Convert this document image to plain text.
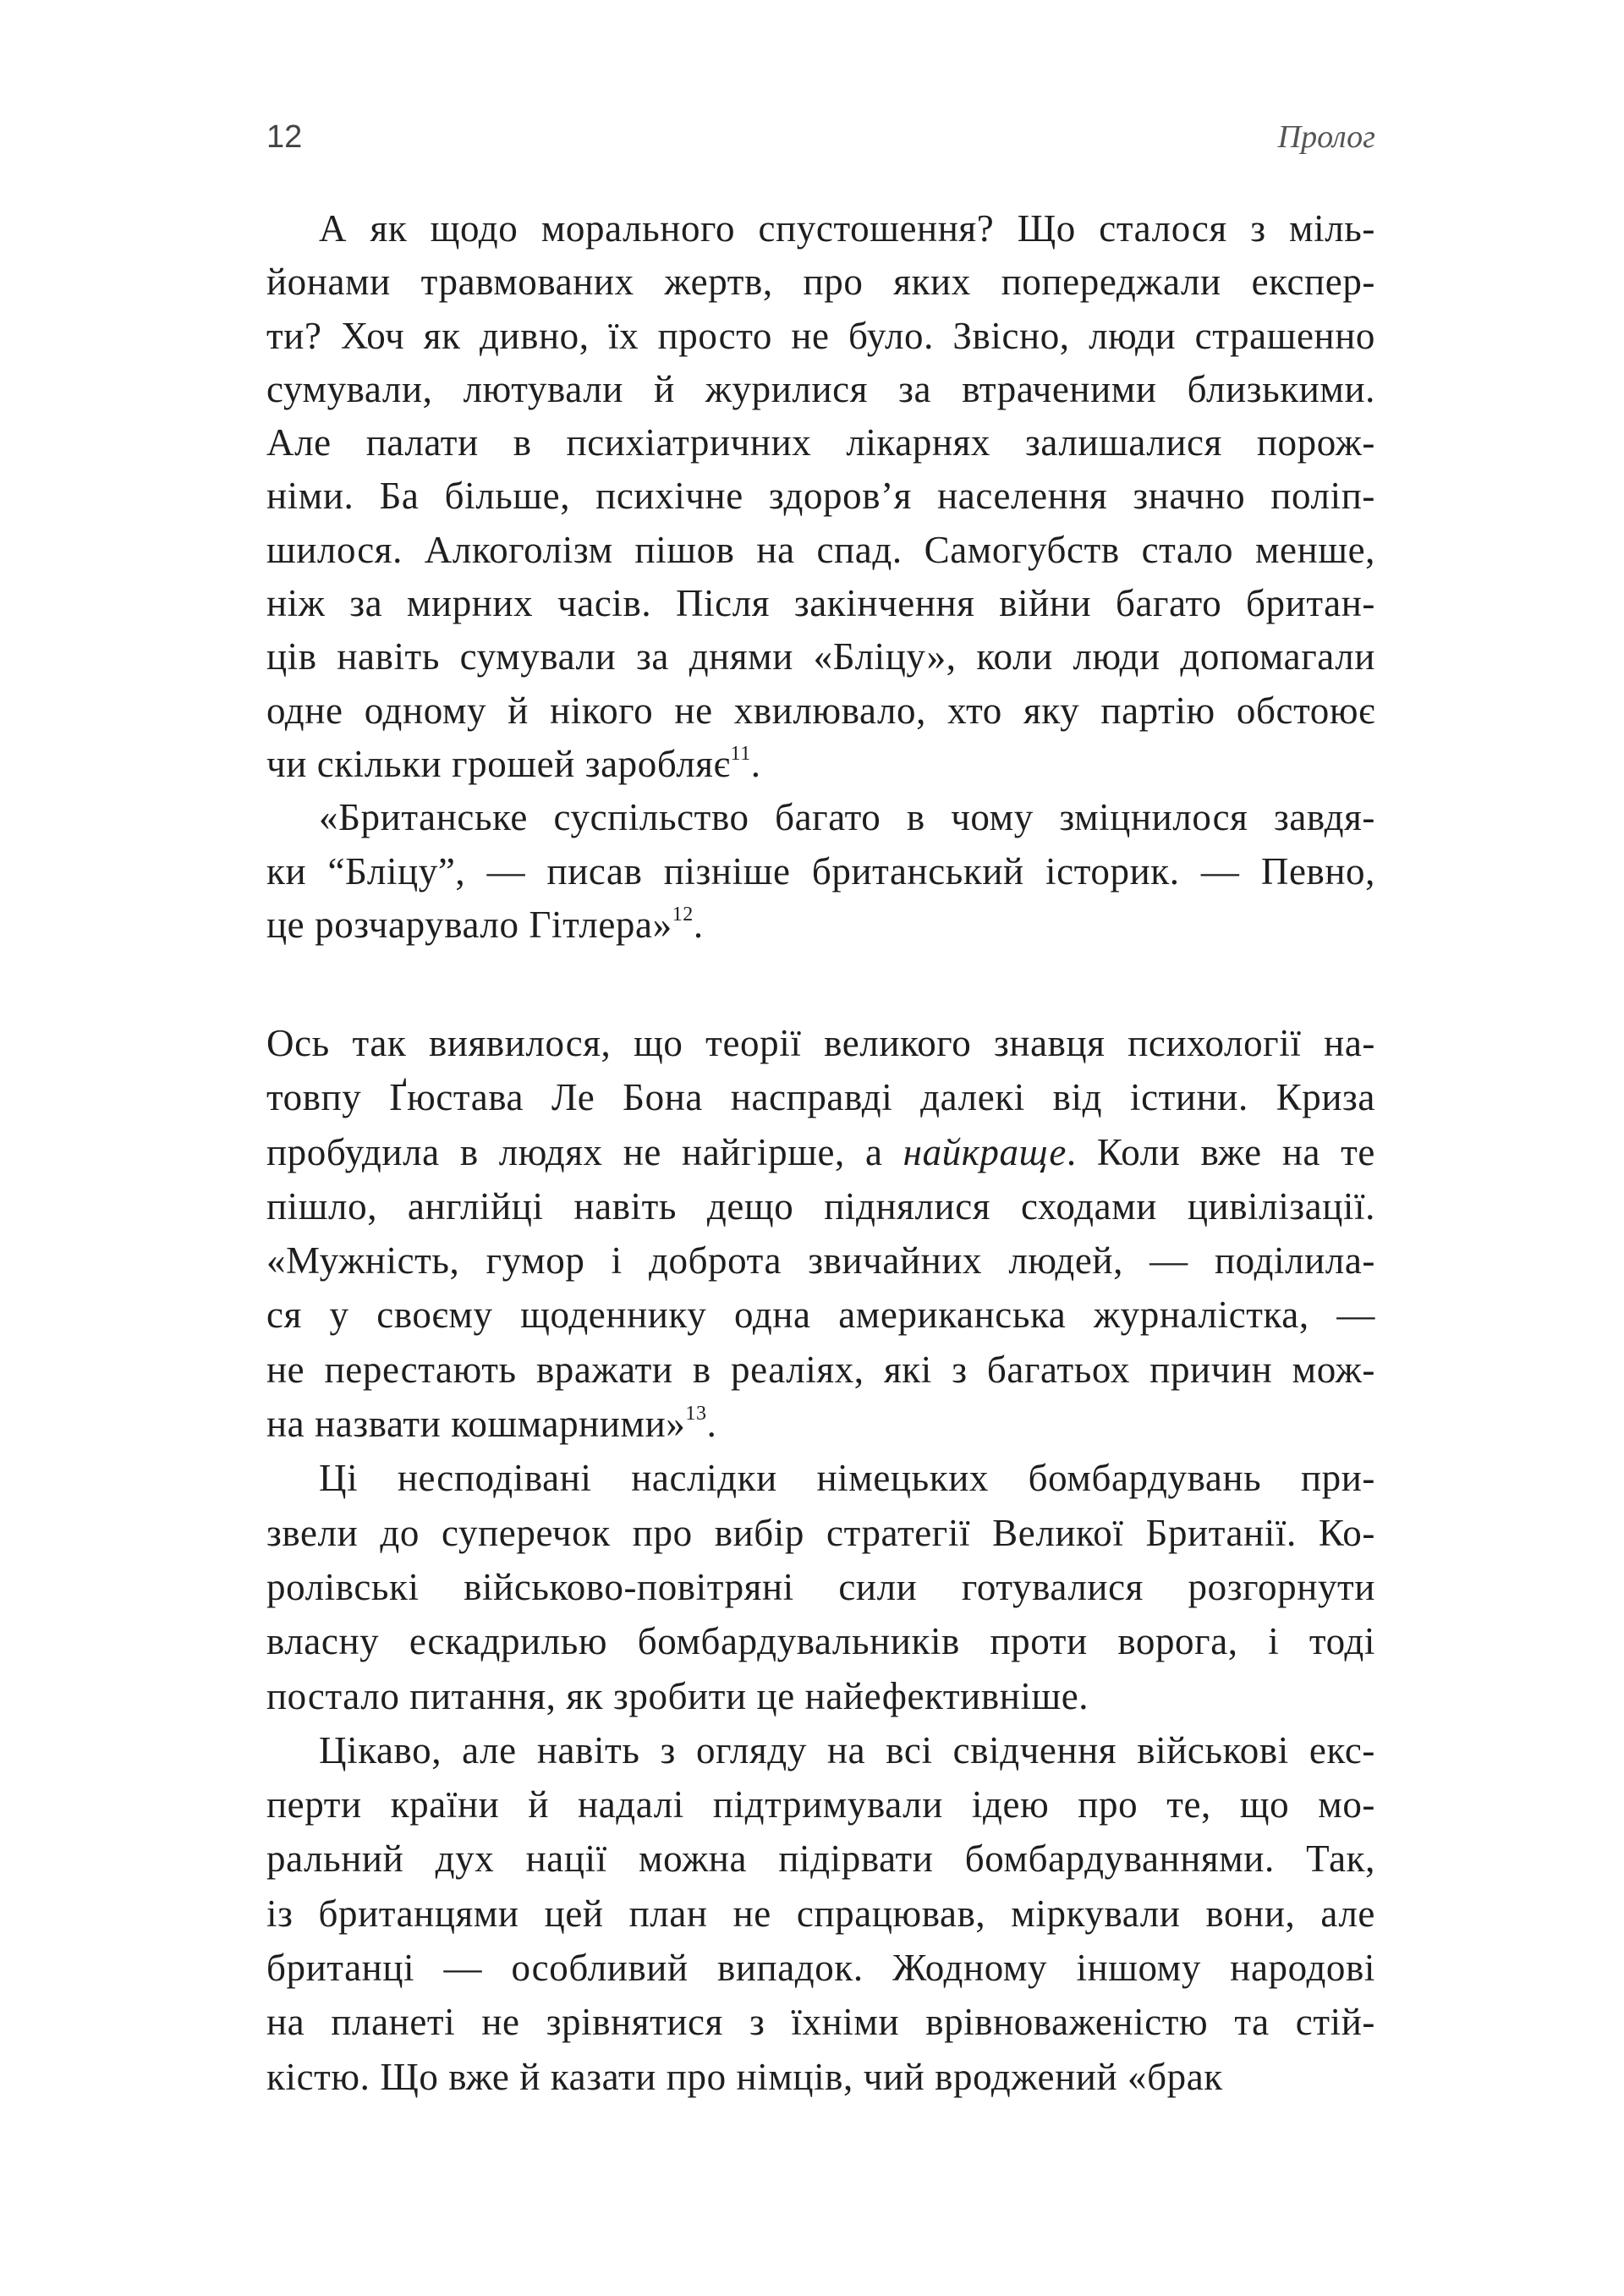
12	Пролог
А як щодо морального спустошення? Що сталося з міль-
йонами травмованих жертв, про яких попереджали експер-
ти? Хоч як дивно, їх просто не було. Звісно, люди страшенно
сумували, лютували й журилися за втраченими близькими.
Але палати в психіатричних лікарнях залишалися порож-
німи. Ба більше, психічне здоров’я населення значно поліп-
шилося. Алкоголізм пішов на спад. Самогубств стало менше,
ніж за мирних часів. Після закінчення війни багато британ-
ців навіть сумували за днями «Бліцу», коли люди допомагали
одне одному й нікого не хвилювало, хто яку партію обстоює
чи скільки грошей заробляє$^{11}$.
«Британське суспільство багато в чому зміцнилося завдя-
ки “Бліцу”, — писав пізніше британський історик. — Певно,
це розчарувало Гітлера»$^{12}$.
Ось так виявилося, що теорії великого знавця психології на-
товпу Ґюстава Ле Бона насправді далекі від істини. Криза
пробудила в людях не найгірше, а найкраще. Коли вже на те
пішло, англійці навіть дещо піднялися сходами цивілізації.
«Мужність, гумор і доброта звичайних людей, — поділила-
ся у своєму щоденнику одна американська журналістка, —
не перестають вражати в реаліях, які з багатьох причин мож-
на назвати кошмарними»$^{13}$.
Ці несподівані наслідки німецьких бомбардувань при-
звели до суперечок про вибір стратегії Великої Британії. Ко-
ролівські військово-повітряні сили готувалися розгорнути
власну ескадрилью бомбардувальників проти ворога, і тоді
постало питання, як зробити це найефективніше.
Цікаво, але навіть з огляду на всі свідчення військові екс-
перти країни й надалі підтримували ідею про те, що мо-
ральний дух нації можна підірвати бомбардуваннями. Так,
із британцями цей план не спрацював, міркували вони, але
британці — особливий випадок. Жодному іншому народові
на планеті не зрівнятися з їхніми врівноваженістю та стій-
кістю. Що вже й казати про німців, чий вроджений «брак
